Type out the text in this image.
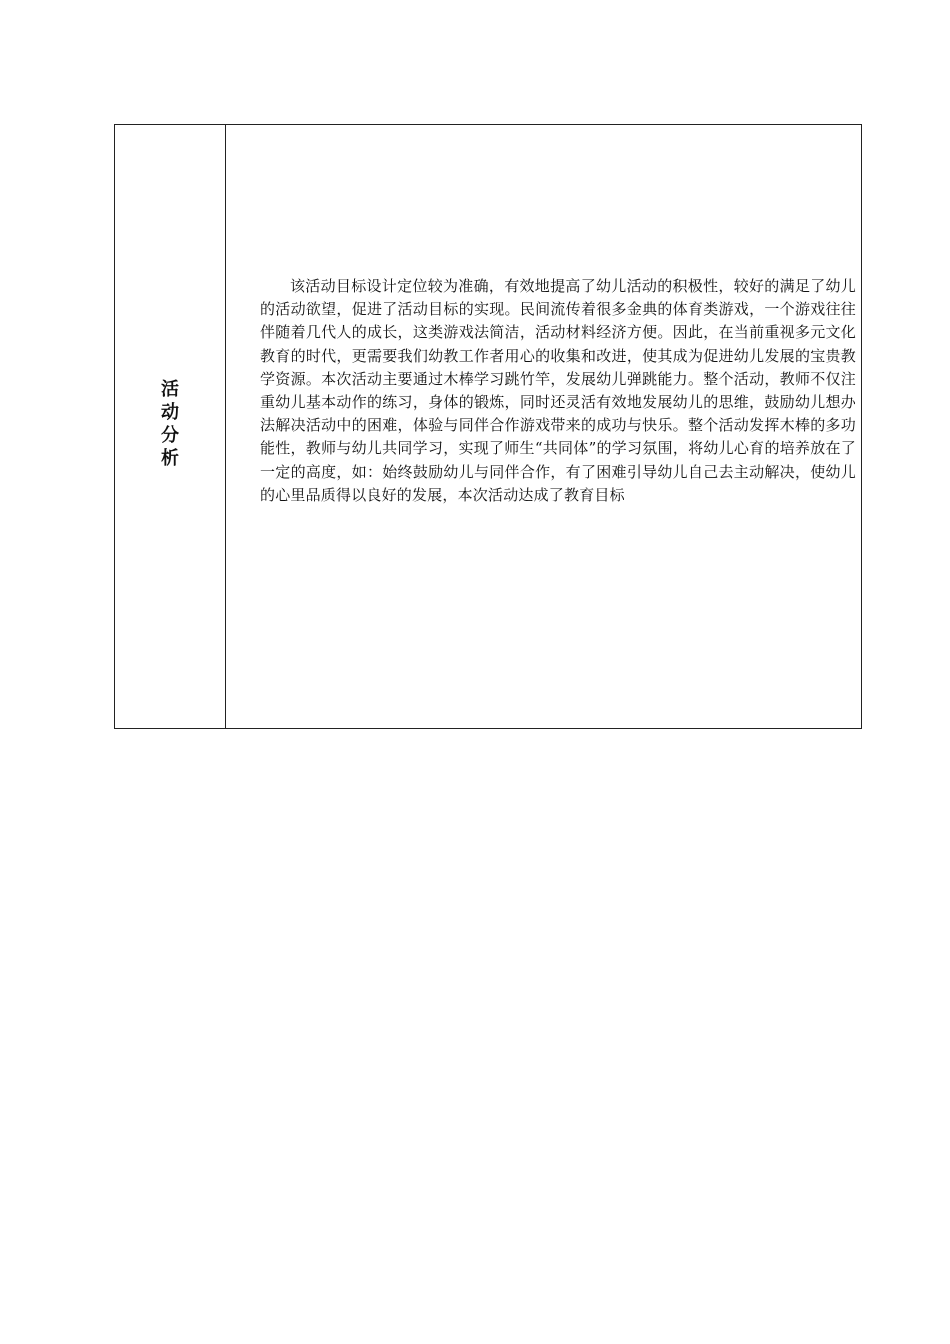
活动分析

该活动目标设计定位较为准确，有效地提高了幼儿活动的积极性，较好的满足了幼儿的活动欲望，促进了活动目标的实现。民间流传着很多金典的体育类游戏，一个游戏往往伴随着几代人的成长，这类游戏法简洁，活动材料经济方便。因此，在当前重视多元文化教育的时代，更需要我们幼教工作者用心的收集和改进，使其成为促进幼儿发展的宝贵教学资源。本次活动主要通过木棒学习跳竹竿，发展幼儿弹跳能力。整个活动，教师不仅注重幼儿基本动作的练习，身体的锻炼，同时还灵活有效地发展幼儿的思维，鼓励幼儿想办法解决活动中的困难，体验与同伴合作游戏带来的成功与快乐。整个活动发挥木棒的多功能性，教师与幼儿共同学习，实现了师生“共同体”的学习氛围，将幼儿心育的培养放在了一定的高度，如：始终鼓励幼儿与同伴合作，有了困难引导幼儿自己去主动解决，使幼儿的心里品质得以良好的发展，本次活动达成了教育目标
